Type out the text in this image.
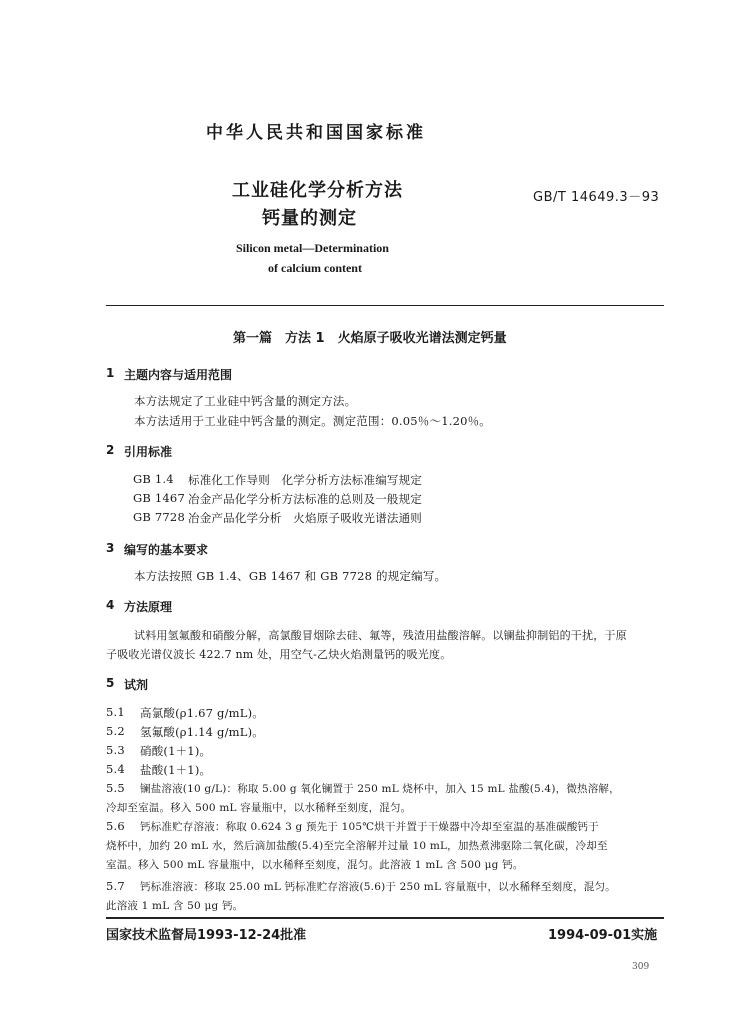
中华人民共和国国家标准
工业硅化学分析方法
钙量的测定
GB/T 14649.3－93
Silicon metal—Determination
of calcium content
第一篇　方法 1　火焰原子吸收光谱法测定钙量
1 主题内容与适用范围
本方法规定了工业硅中钙含量的测定方法。
本方法适用于工业硅中钙含量的测定。测定范围：0.05％～1.20％。
2 引用标准
GB 1.4 标准化工作导则　化学分析方法标准编写规定
GB 1467 冶金产品化学分析方法标准的总则及一般规定
GB 7728 冶金产品化学分析　火焰原子吸收光谱法通则
3 编写的基本要求
本方法按照 GB 1.4、GB 1467 和 GB 7728 的规定编写。
4 方法原理
试料用氢氟酸和硝酸分解，高氯酸冒烟除去硅、氟等，残渣用盐酸溶解。以镧盐抑制铝的干扰，于原
子吸收光谱仪波长 422.7 nm 处，用空气-乙炔火焰测量钙的吸光度。
5 试剂
5.1 高氯酸(ρ1.67 g/mL)。
5.2 氢氟酸(ρ1.14 g/mL)。
5.3 硝酸(1＋1)。
5.4 盐酸(1＋1)。
5.5 镧盐溶液(10 g/L)：称取 5.00 g 氧化镧置于 250 mL 烧杯中，加入 15 mL 盐酸(5.4)，微热溶解，
冷却至室温。移入 500 mL 容量瓶中，以水稀释至刻度，混匀。
5.6 钙标准贮存溶液：称取 0.624 3 g 预先于 105℃烘干并置于干燥器中冷却至室温的基准碳酸钙于
烧杯中，加约 20 mL 水，然后滴加盐酸(5.4)至完全溶解并过量 10 mL，加热煮沸驱除二氧化碳，冷却至
室温。移入 500 mL 容量瓶中，以水稀释至刻度，混匀。此溶液 1 mL 含 500 μg 钙。
5.7 钙标准溶液：移取 25.00 mL 钙标准贮存溶液(5.6)于 250 mL 容量瓶中，以水稀释至刻度，混匀。
此溶液 1 mL 含 50 μg 钙。
国家技术监督局1993-12-24批准	1994-09-01实施
309
